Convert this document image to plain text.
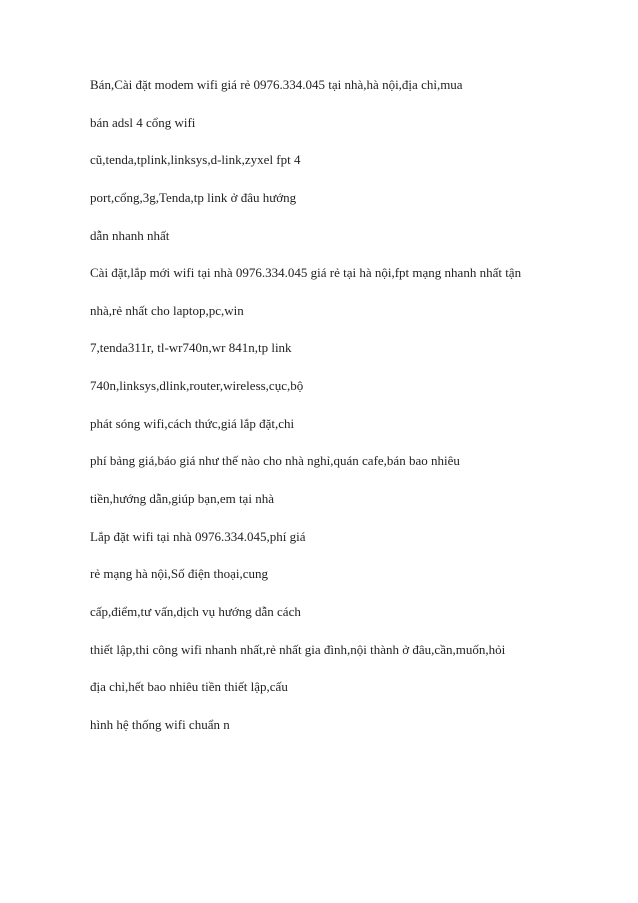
Bán,Cài đặt modem wifi giá rẻ 0976.334.045 tại nhà,hà nội,địa chỉ,mua
bán adsl 4 cổng wifi
cũ,tenda,tplink,linksys,d-link,zyxel fpt 4
port,cổng,3g,Tenda,tp link ở đâu hướng
dẫn nhanh nhất
Cài đặt,lắp mới wifi tại nhà 0976.334.045 giá rẻ tại hà nội,fpt mạng nhanh nhất tận
nhà,rẻ nhất cho laptop,pc,win
7,tenda311r, tl-wr740n,wr 841n,tp link
740n,linksys,dlink,router,wireless,cục,bộ
phát sóng wifi,cách thức,giá lắp đặt,chi
phí bảng giá,báo giá như thế nào cho nhà nghỉ,quán cafe,bán bao nhiêu
tiền,hướng dẫn,giúp bạn,em tại nhà
Lắp đặt wifi tại nhà 0976.334.045,phí giá
rẻ mạng hà nội,Số điện thoại,cung
cấp,điểm,tư vấn,dịch vụ hướng dẫn cách
thiết lập,thi công wifi nhanh nhất,rẻ nhất gia đình,nội thành ở đâu,cần,muốn,hỏi
địa chỉ,hết bao nhiêu tiền thiết lập,cấu
hình hệ thống wifi chuẩn n
